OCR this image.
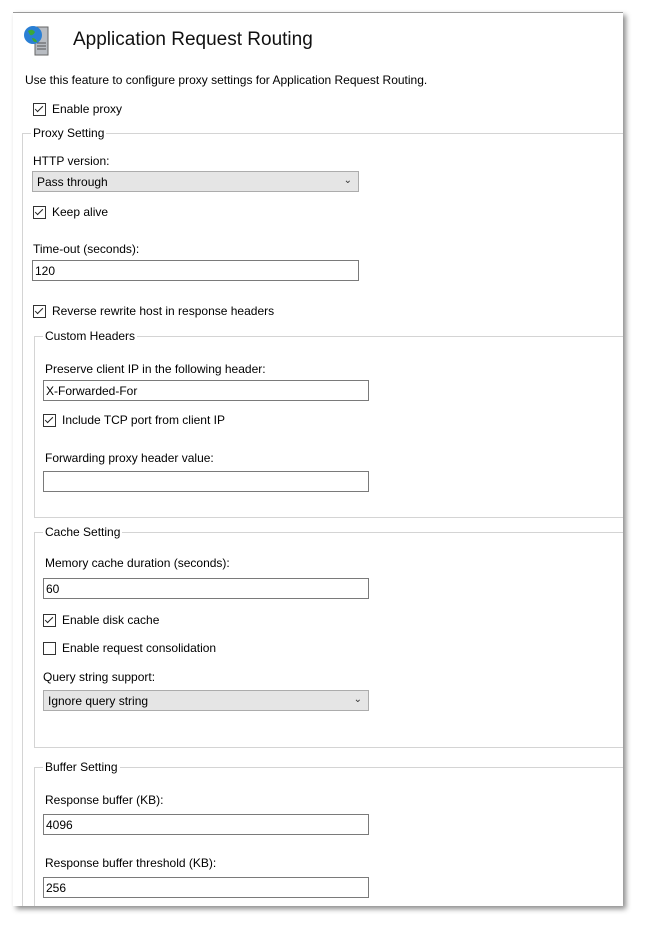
Application Request Routing
Use this feature to configure proxy settings for Application Request Routing.
Enable proxy
Proxy Setting
HTTP version:
Pass through	⌄
Keep alive
Time-out (seconds):
120
Reverse rewrite host in response headers
Custom Headers
Preserve client IP in the following header:
X-Forwarded-For
Include TCP port from client IP
Forwarding proxy header value:
Cache Setting
Memory cache duration (seconds):
60
Enable disk cache
Enable request consolidation
Query string support:
Ignore query string	⌄
Buffer Setting
Response buffer (KB):
4096
Response buffer threshold (KB):
256
